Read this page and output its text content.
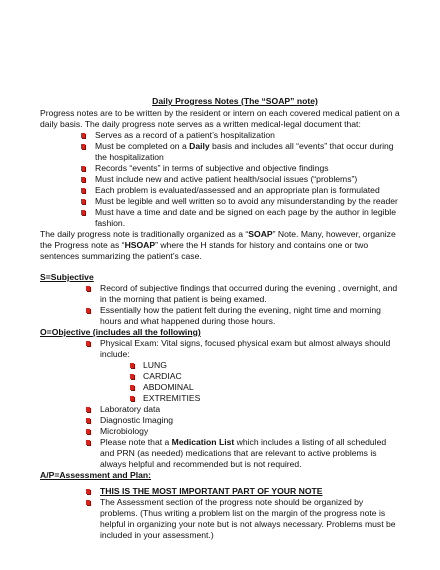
Daily Progress Notes (The “SOAP” note)

Progress notes are to be written by the resident or intern on each covered medical patient on a daily basis. The daily progress note serves as a written medical-legal document that:

Serves as a record of a patient’s hospitalization
Must be completed on a Daily basis and includes all “events” that occur during the hospitalization
Records “events” in terms of subjective and objective findings
Must include new and active patient health/social issues (“problems”)
Each problem is evaluated/assessed and an appropriate plan is formulated
Must be legible and well written so to avoid any misunderstanding by the reader
Must have a time and date and be signed on each page by the author in legible fashion.

The daily progress note is traditionally organized as a “SOAP” Note. Many, however, organize the Progress note as “HSOAP” where the H stands for history and contains one or two sentences summarizing the patient’s case.

S=Subjective
Record of subjective findings that occurred during the evening , overnight, and in the morning that patient is being examed.
Essentially how the patient felt during the evening, night time and morning hours and what happened during those hours.
O=Objective (includes all the following)
Physical Exam: Vital signs, focused physical exam but almost always should include:
LUNG
CARDIAC
ABDOMINAL
EXTREMITIES
Laboratory data
Diagnostic Imaging
Microbiology
Please note that a Medication List which includes a listing of all scheduled and PRN (as needed) medications that are relevant to active problems is always helpful and recommended but is not required.
A/P=Assessment and Plan:
THIS IS THE MOST IMPORTANT PART OF YOUR NOTE
The Assessment section of the progress note should be organized by problems. (Thus writing a problem list on the margin of the progress note is helpful in organizing your note but is not always necessary. Problems must be included in your assessment.)
